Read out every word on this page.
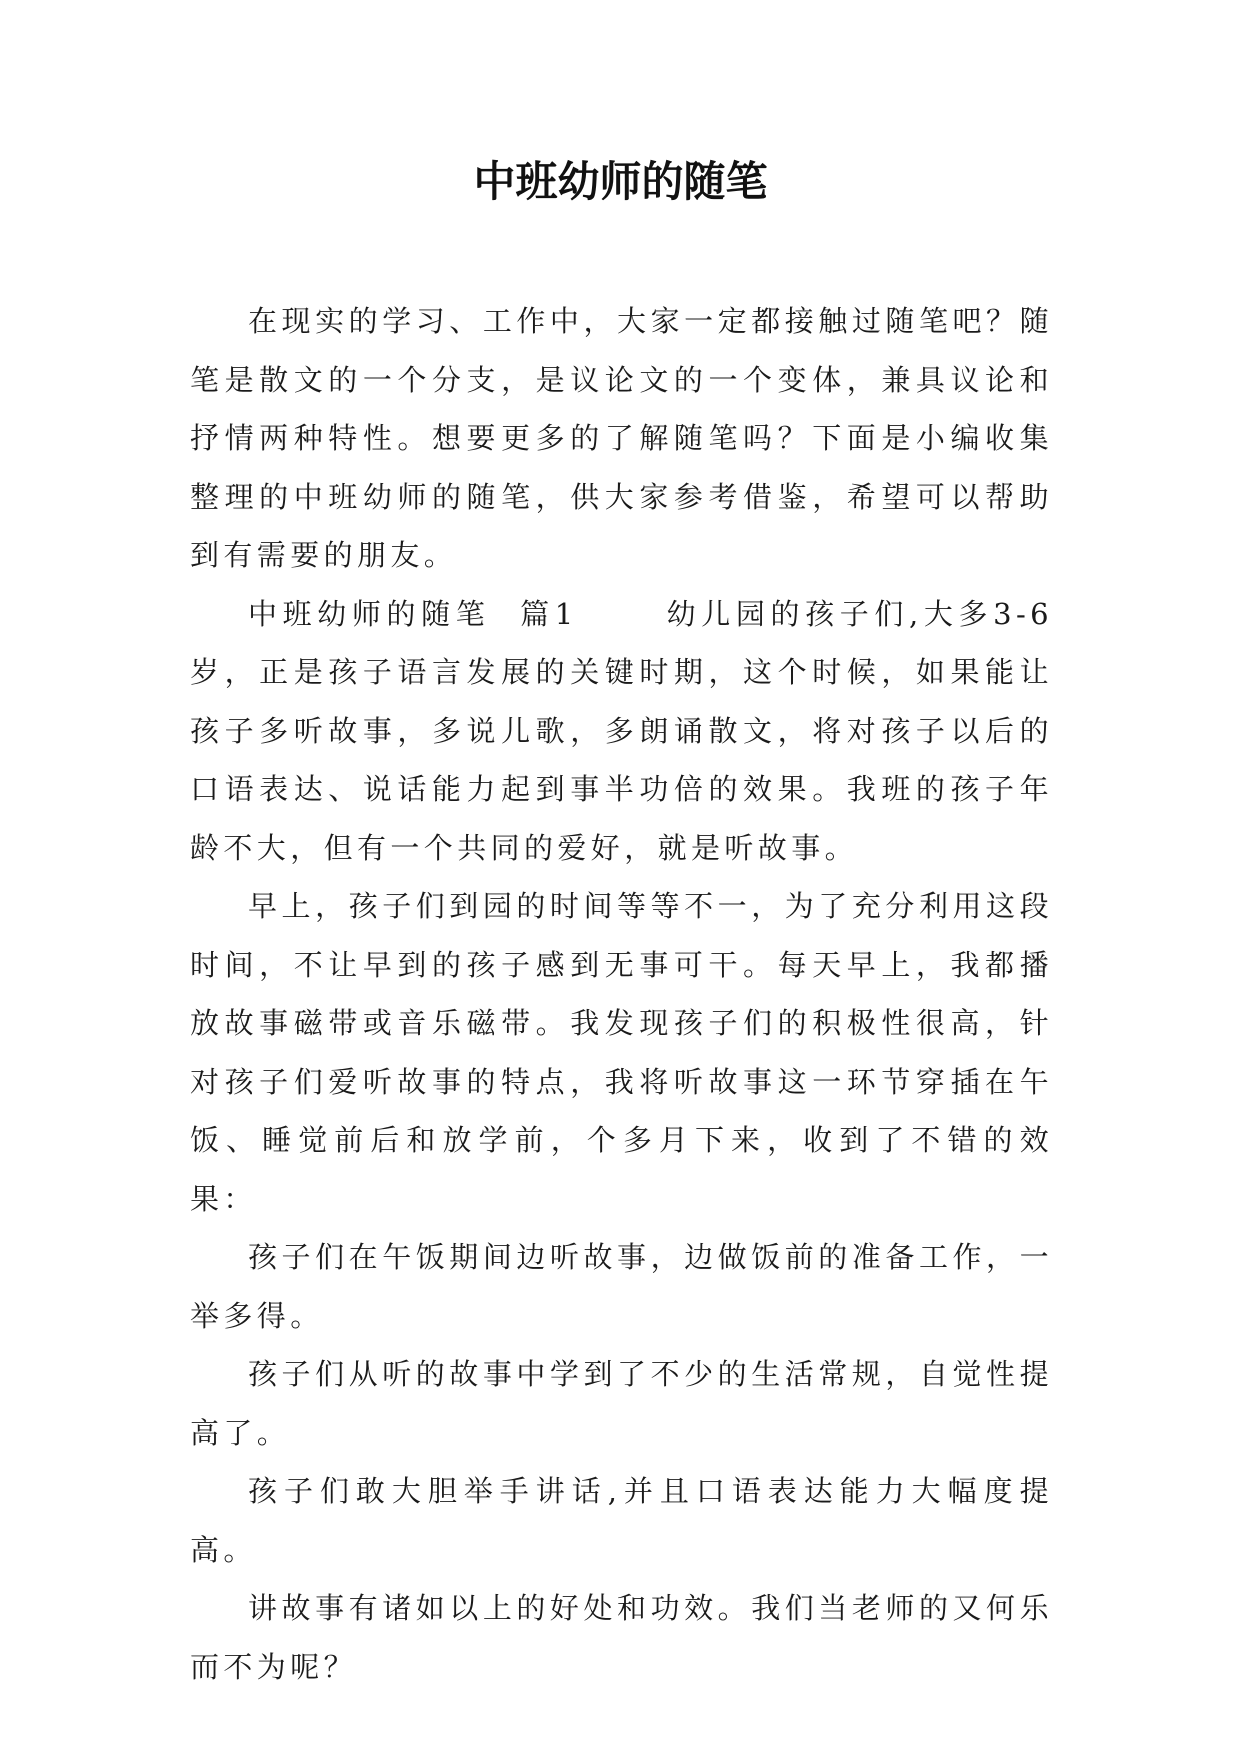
中班幼师的随笔

在现实的学习、工作中，大家一定都接触过随笔吧？随笔是散文的一个分支，是议论文的一个变体，兼具议论和抒情两种特性。想要更多的了解随笔吗？下面是小编收集整理的中班幼师的随笔，供大家参考借鉴，希望可以帮助到有需要的朋友。

中班幼师的随笔  篇1      幼儿园的孩子们,大多3-6岁，正是孩子语言发展的关键时期，这个时候，如果能让孩子多听故事，多说儿歌，多朗诵散文，将对孩子以后的口语表达、说话能力起到事半功倍的效果。我班的孩子年龄不大，但有一个共同的爱好，就是听故事。

早上，孩子们到园的时间等等不一，为了充分利用这段时间，不让早到的孩子感到无事可干。每天早上，我都播放故事磁带或音乐磁带。我发现孩子们的积极性很高，针对孩子们爱听故事的特点，我将听故事这一环节穿插在午饭、睡觉前后和放学前，个多月下来，收到了不错的效果：

孩子们在午饭期间边听故事，边做饭前的准备工作，一举多得。

孩子们从听的故事中学到了不少的生活常规，自觉性提高了。

孩子们敢大胆举手讲话,并且口语表达能力大幅度提高。

讲故事有诸如以上的好处和功效。我们当老师的又何乐而不为呢？
